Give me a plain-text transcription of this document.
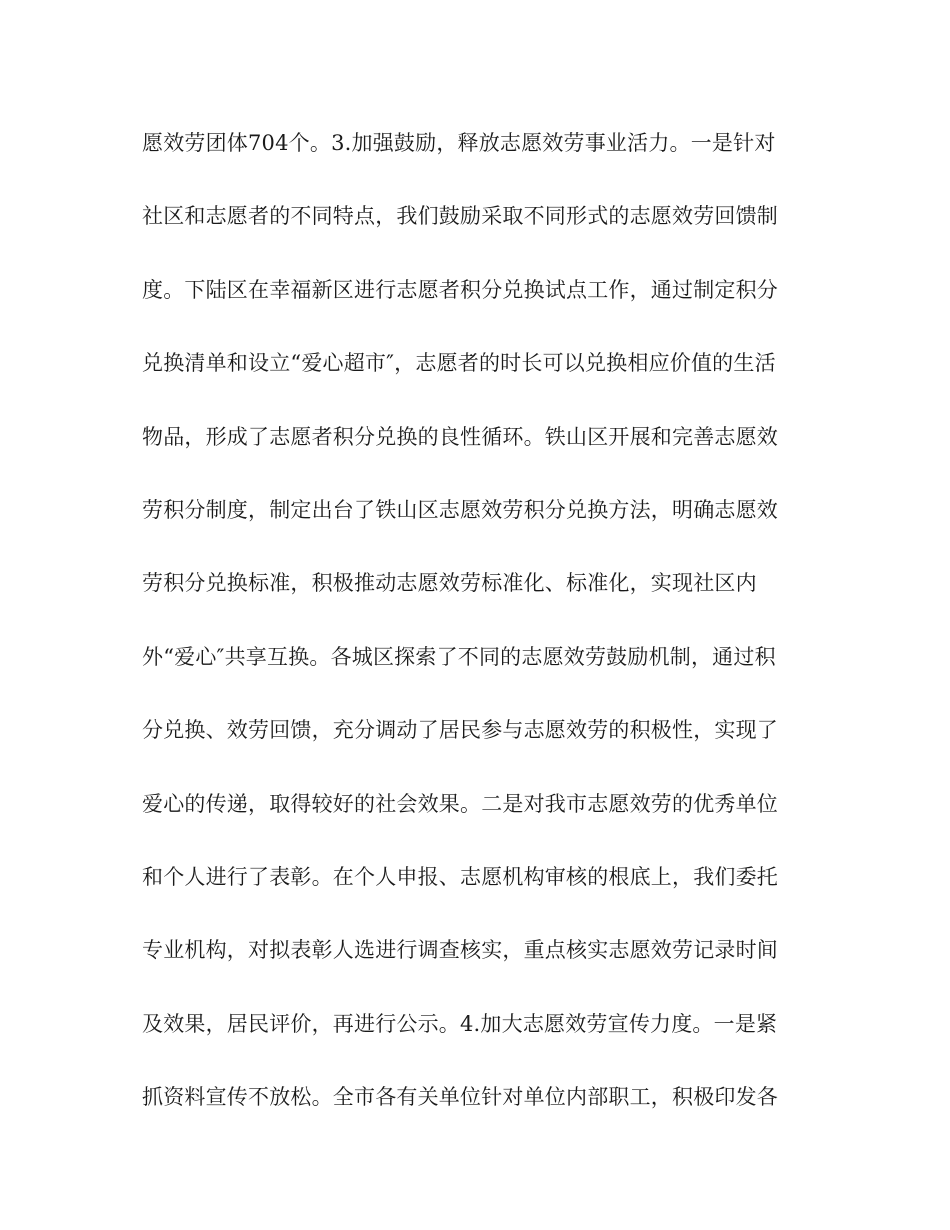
愿效劳团体704个。3.加强鼓励，释放志愿效劳事业活力。一是针对
社区和志愿者的不同特点，我们鼓励采取不同形式的志愿效劳回馈制
度。下陆区在幸福新区进行志愿者积分兑换试点工作，通过制定积分
兑换清单和设立“爱心超市″，志愿者的时长可以兑换相应价值的生活
物品，形成了志愿者积分兑换的良性循环。铁山区开展和完善志愿效
劳积分制度，制定出台了铁山区志愿效劳积分兑换方法，明确志愿效
劳积分兑换标准，积极推动志愿效劳标准化、标准化，实现社区内
外“爱心″共享互换。各城区探索了不同的志愿效劳鼓励机制，通过积
分兑换、效劳回馈，充分调动了居民参与志愿效劳的积极性，实现了
爱心的传递，取得较好的社会效果。二是对我市志愿效劳的优秀单位
和个人进行了表彰。在个人申报、志愿机构审核的根底上，我们委托
专业机构，对拟表彰人选进行调查核实，重点核实志愿效劳记录时间
及效果，居民评价，再进行公示。4.加大志愿效劳宣传力度。一是紧
抓资料宣传不放松。全市各有关单位针对单位内部职工，积极印发各
